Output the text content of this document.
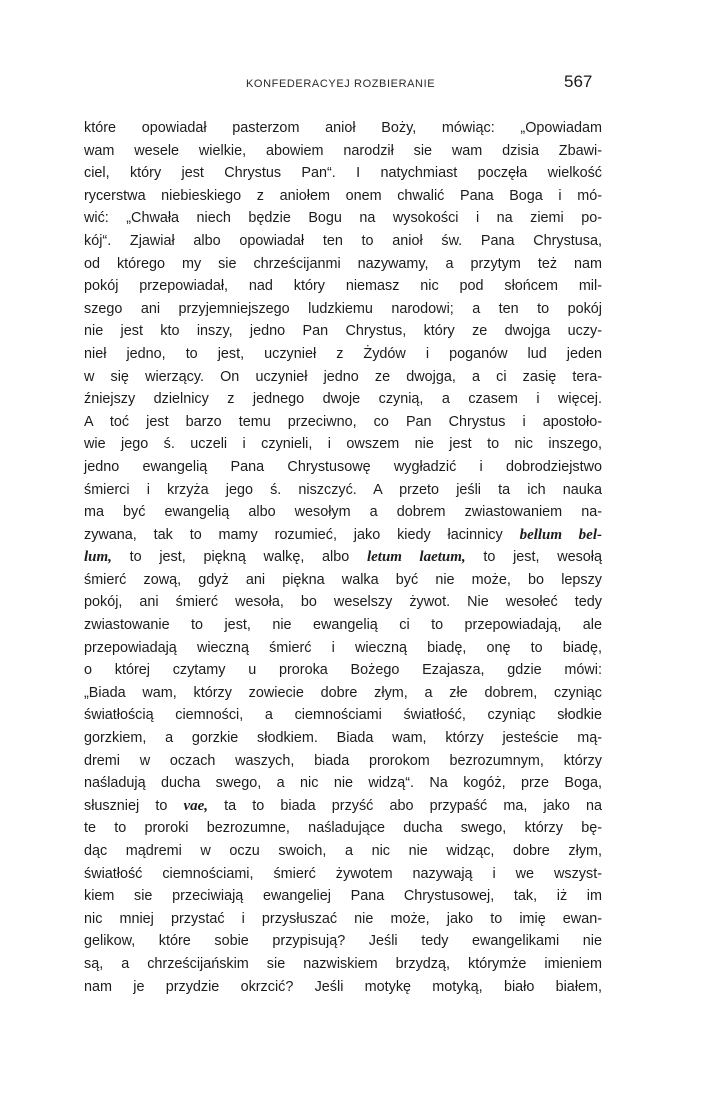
KONFEDERACYEJ ROZBIERANIE	567
które opowiadał pasterzom anioł Boży, mówiąc: „Opowiadam
wam wesele wielkie, abowiem narodził sie wam dzisia Zbawi-
ciel, który jest Chrystus Pan“. I natychmiast poczęła wielkość
rycerstwa niebieskiego z aniołem onem chwalić Pana Boga i mó-
wić: „Chwała niech będzie Bogu na wysokości i na ziemi po-
kój“. Zjawiał albo opowiadał ten to anioł św. Pana Chrystusa,
od którego my sie chrześcijanmi nazywamy, a przytym też nam
pokój przepowiadał, nad który niemasz nic pod słońcem mil-
szego ani przyjemniejszego ludzkiemu narodowi; a ten to pokój
nie jest kto inszy, jedno Pan Chrystus, który ze dwojga uczy-
nieł jedno, to jest, uczynieł z Żydów i poganów lud jeden
w się wierzący. On uczynieł jedno ze dwojga, a ci zasię tera-
źniejszy dzielnicy z jednego dwoje czynią, a czasem i więcej.
A toć jest barzo temu przeciwno, co Pan Chrystus i apostoło-
wie jego ś. uczeli i czynieli, i owszem nie jest to nic inszego,
jedno ewangelią Pana Chrystusowę wygładzić i dobrodziejstwo
śmierci i krzyża jego ś. niszczyć. A przeto jeśli ta ich nauka
ma być ewangelią albo wesołym a dobrem zwiastowaniem na-
zywana, tak to mamy rozumieć, jako kiedy łacinnicy bellum bel-
lum, to jest, piękną walkę, albo letum laetum, to jest, wesołą
śmierć zową, gdyż ani piękna walka być nie może, bo lepszy
pokój, ani śmierć wesoła, bo weselszy żywot. Nie wesołeć tedy
zwiastowanie to jest, nie ewangelią ci to przepowiadają, ale
przepowiadają wieczną śmierć i wieczną biadę, onę to biadę,
o której czytamy u proroka Bożego Ezajasza, gdzie mówi:
„Biada wam, którzy zowiecie dobre złym, a złe dobrem, czyniąc
światłością ciemności, a ciemnościami światłość, czyniąc słodkie
gorzkiem, a gorzkie słodkiem. Biada wam, którzy jesteście mą-
dremi w oczach waszych, biada prorokom bezrozumnym, którzy
naśladują ducha swego, a nic nie widzą“. Na kogóż, prze Boga,
słuszniej to vae, ta to biada przyść abo przypaść ma, jako na
te to proroki bezrozumne, naśladujące ducha swego, którzy bę-
dąc mądremi w oczu swoich, a nic nie widząc, dobre złym,
światłość ciemnościami, śmierć żywotem nazywają i we wszyst-
kiem sie przeciwiają ewangeliej Pana Chrystusowej, tak, iż im
nic mniej przystać i przysłuszać nie może, jako to imię ewan-
gelikow, które sobie przypisują? Jeśli tedy ewangelikami nie
są, a chrześcijańskim sie nazwiskiem brzydzą, którymże imieniem
nam je przydzie okrzcić? Jeśli motykę motyką, biało białem,
